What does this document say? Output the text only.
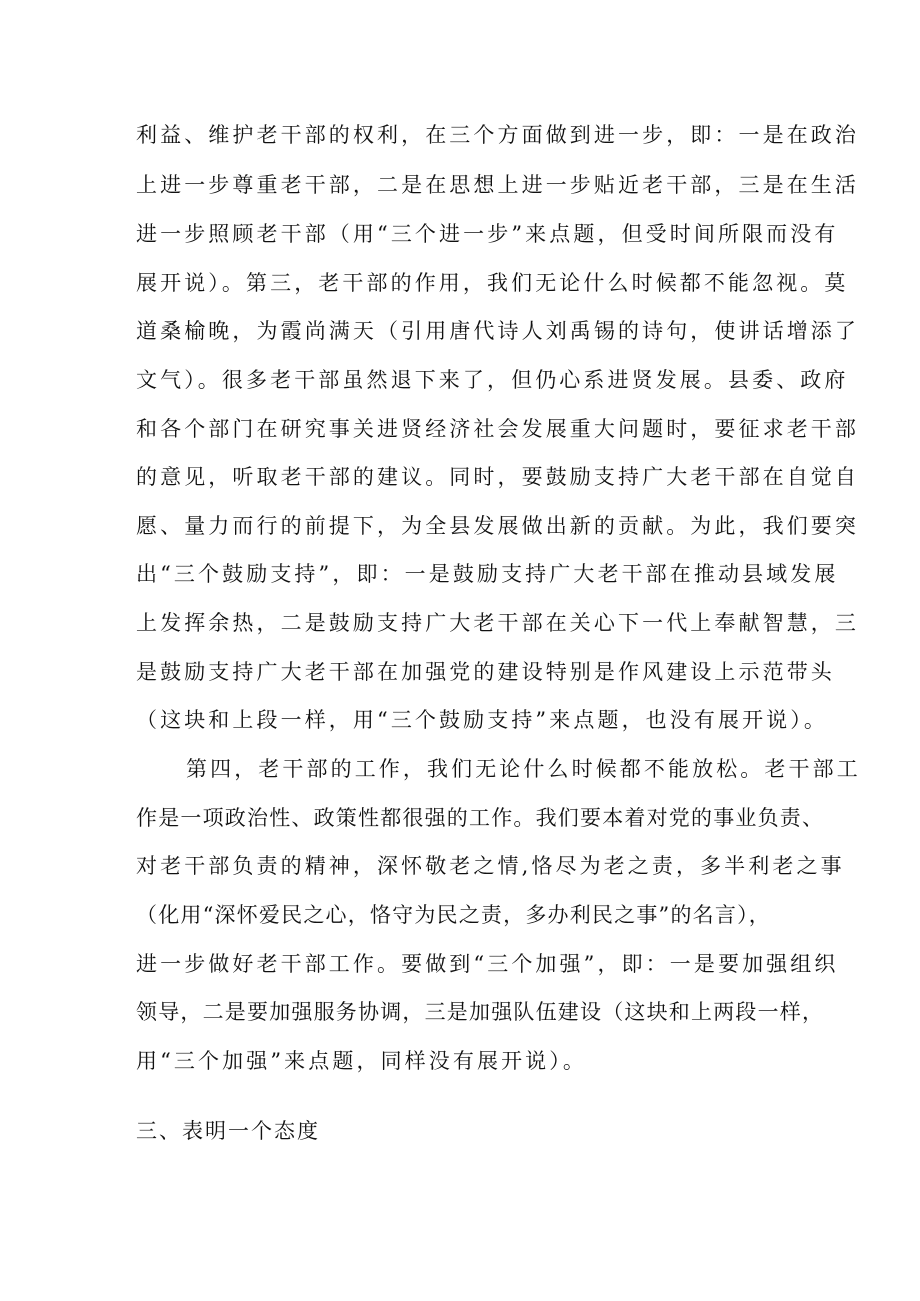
利益、维护老干部的权利，在三个方面做到进一步，即：一是在政治
上进一步尊重老干部，二是在思想上进一步贴近老干部，三是在生活
进一步照顾老干部（用“三个进一步”来点题，但受时间所限而没有
展开说）。第三，老干部的作用，我们无论什么时候都不能忽视。莫
道桑榆晚，为霞尚满天（引用唐代诗人刘禹锡的诗句，使讲话增添了
文气）。很多老干部虽然退下来了，但仍心系进贤发展。县委、政府
和各个部门在研究事关进贤经济社会发展重大问题时，要征求老干部
的意见，听取老干部的建议。同时，要鼓励支持广大老干部在自觉自
愿、量力而行的前提下，为全县发展做出新的贡献。为此，我们要突
出“三个鼓励支持”，即：一是鼓励支持广大老干部在推动县域发展
上发挥余热，二是鼓励支持广大老干部在关心下一代上奉献智慧，三
是鼓励支持广大老干部在加强党的建设特别是作风建设上示范带头
（这块和上段一样，用“三个鼓励支持”来点题，也没有展开说）。
第四，老干部的工作，我们无论什么时候都不能放松。老干部工
作是一项政治性、政策性都很强的工作。我们要本着对党的事业负责、
对老干部负责的精神，深怀敬老之情,恪尽为老之责，多半利老之事
（化用“深怀爱民之心，恪守为民之责，多办利民之事”的名言），
进一步做好老干部工作。要做到“三个加强”，即：一是要加强组织
领导，二是要加强服务协调，三是加强队伍建设（这块和上两段一样，
用“三个加强”来点题，同样没有展开说）。
三、表明一个态度
